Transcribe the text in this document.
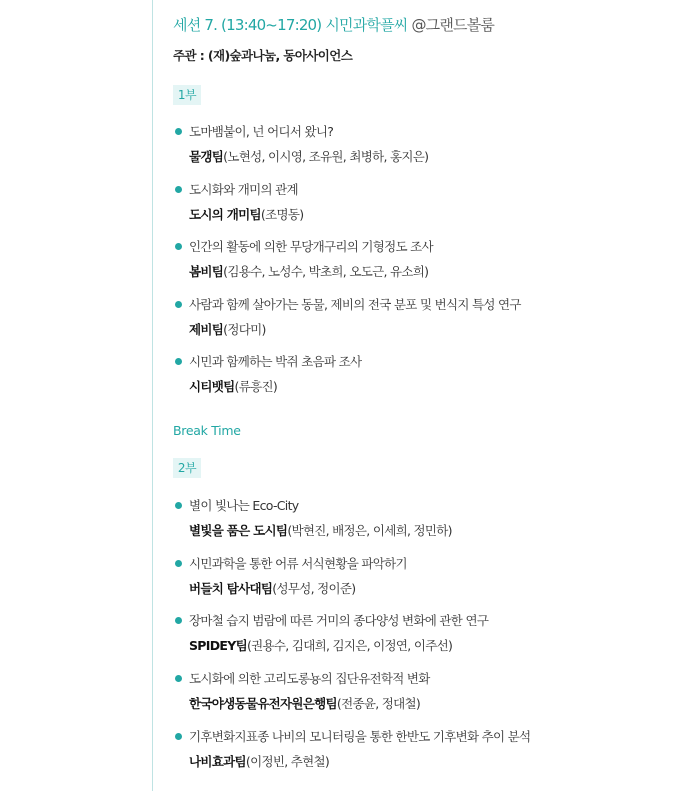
세션 7. (13:40~17:20) 시민과학플씨 @그랜드볼룸
주관 : (재)숲과나눔, 동아사이언스
1부
도마뱀붙이, 넌 어디서 왔니?
물갱팀(노현성, 이시영, 조유원, 최병하, 홍지은)
도시화와 개미의 관계
도시의 개미팀(조명동)
인간의 활동에 의한 무당개구리의 기형정도 조사
봄비팀(김용수, 노성수, 박초희, 오도근, 유소희)
사람과 함께 살아가는 동물, 제비의 전국 분포 및 번식지 특성 연구
제비팀(정다미)
시민과 함께하는 박쥐 초음파 조사
시티뱃팀(류흥진)
Break Time
2부
별이 빛나는 Eco-City
별빛을 품은 도시팀(박현진, 배정은, 이세희, 정민하)
시민과학을 통한 어류 서식현황을 파악하기
버들치 탐사대팀(성무성, 정이준)
장마철 습지 범람에 따른 거미의 종다양성 변화에 관한 연구
SPIDEY팀(권용수, 김대희, 김지은, 이정연, 이주선)
도시화에 의한 고리도롱뇽의 집단유전학적 변화
한국야생동물유전자원은행팀(전종윤, 정대철)
기후변화지표종 나비의 모니터링을 통한 한반도 기후변화 추이 분석
나비효과팀(이정빈, 추현철)
